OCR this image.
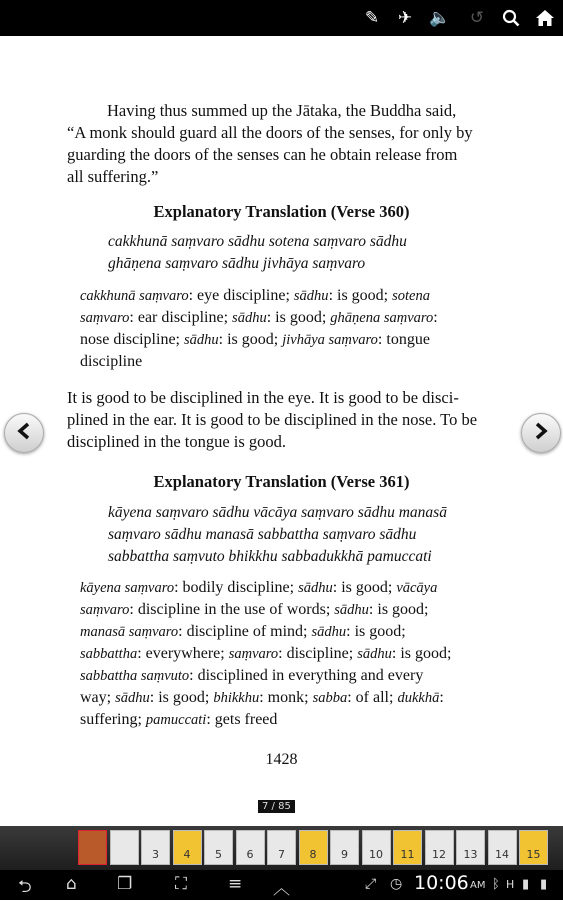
✎ ✈ 🔈 ↺
Having thus summed up the Jātaka, the Buddha said,
“A monk should guard all the doors of the senses, for only by
guarding the doors of the senses can he obtain release from
all suffering.”
Explanatory Translation (Verse 360)
cakkhunā saṃvaro sādhu sotena saṃvaro sādhu
ghāṇena saṃvaro sādhu jivhāya saṃvaro
cakkhunā saṃvaro: eye discipline; sādhu: is good; sotena
saṃvaro: ear discipline; sādhu: is good; ghāṇena saṃvaro:
nose discipline; sādhu: is good; jivhāya saṃvaro: tongue
discipline
It is good to be disciplined in the eye. It is good to be disci-
plined in the ear. It is good to be disciplined in the nose. To be
disciplined in the tongue is good.
Explanatory Translation (Verse 361)
kāyena saṃvaro sādhu vācāya saṃvaro sādhu manasā
saṃvaro sādhu manasā sabbattha saṃvaro sādhu
sabbattha saṃvuto bhikkhu sabbadukkhā pamuccati
kāyena saṃvaro: bodily discipline; sādhu: is good; vācāya
saṃvaro: discipline in the use of words; sādhu: is good;
manasā saṃvaro: discipline of mind; sādhu: is good;
sabbattha: everywhere; saṃvaro: discipline; sādhu: is good;
sabbattha saṃvuto: disciplined in everything and every
way; sādhu: is good; bhikkhu: monk; sabba: of all; dukkhā:
suffering; pamuccati: gets freed
1428
7 / 85
3	4	5	6	7	8	9	10	11	12	13	14	15
⮌ ⌂ ❐	⛶ ≡ ︿	⤢ ◷ 10:06 AM ᛒ H ▮ ▮
